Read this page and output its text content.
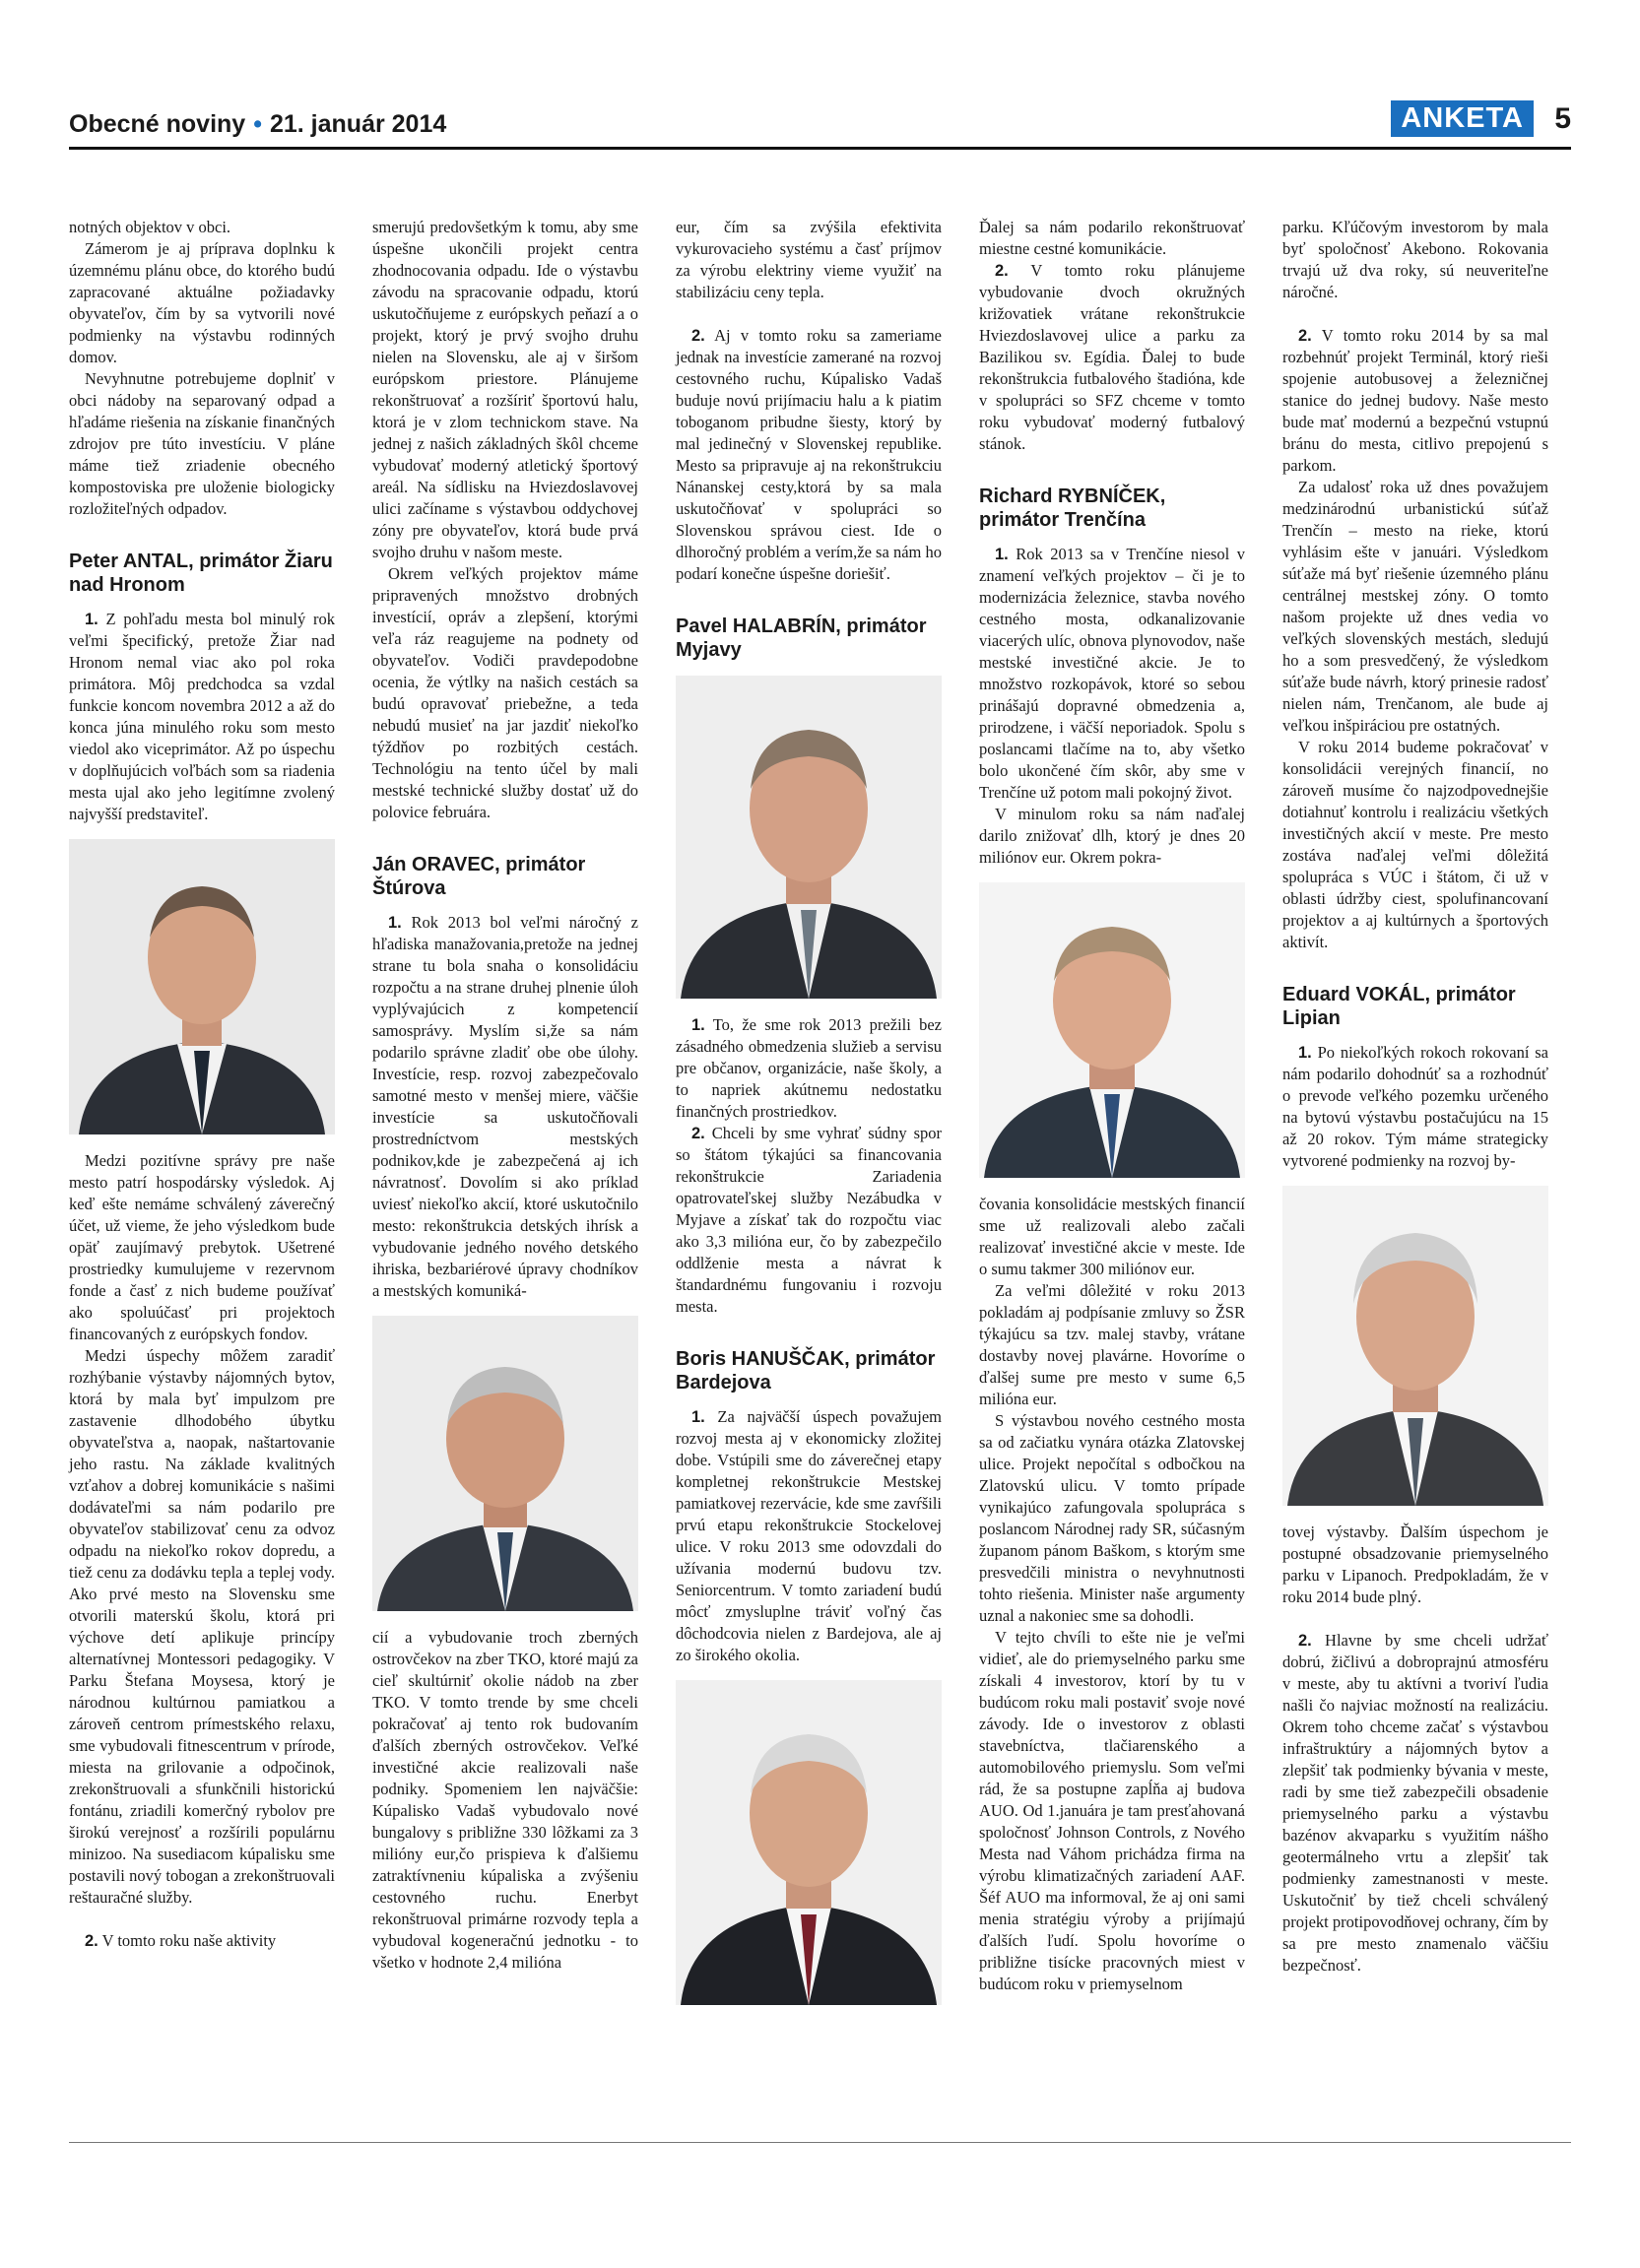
Obecné noviny • 21. január 2014	ANKETA	5

notných objektov v obci.

Zámerom je aj príprava doplnku k územnému plánu obce, do ktorého budú zapracované aktuálne požiadavky obyvateľov, čím by sa vytvorili nové podmienky na výstavbu rodinných domov.

Nevyhnutne potrebujeme doplniť v obci nádoby na separovaný odpad a hľadáme riešenia na získanie finančných zdrojov pre túto investíciu. V pláne máme tiež zriadenie obecného kompostoviska pre uloženie biologicky rozložiteľných odpadov.

Peter ANTAL, primátor Žiaru nad Hronom

1. Z pohľadu mesta bol minulý rok veľmi špecifický, pretože Žiar nad Hronom nemal viac ako pol roka primátora. Môj predchodca sa vzdal funkcie koncom novembra 2012 a až do konca júna minulého roku som mesto viedol ako viceprimátor. Až po úspechu v doplňujúcich voľbách som sa riadenia mesta ujal ako jeho legitímne zvolený najvyšší predstaviteľ.

Medzi pozitívne správy pre naše mesto patrí hospodársky výsledok. Aj keď ešte nemáme schválený záverečný účet, už vieme, že jeho výsledkom bude opäť zaujímavý prebytok. Ušetrené prostriedky kumulujeme v rezervnom fonde a časť z nich budeme používať ako spoluúčasť pri projektoch financovaných z európskych fondov.

Medzi úspechy môžem zaradiť rozhýbanie výstavby nájomných bytov, ktorá by mala byť impulzom pre zastavenie dlhodobého úbytku obyvateľstva a, naopak, naštartovanie jeho rastu. Na základe kvalitných vzťahov a dobrej komunikácie s našimi dodávateľmi sa nám podarilo pre obyvateľov stabilizovať cenu za odvoz odpadu na niekoľko rokov dopredu, a tiež cenu za dodávku tepla a teplej vody. Ako prvé mesto na Slovensku sme otvorili materskú školu, ktorá pri výchove detí aplikuje princípy alternatívnej Montessori pedagogiky. V Parku Štefana Moysesa, ktorý je národnou kultúrnou pamiatkou a zároveň centrom prímestského relaxu, sme vybudovali fitnescentrum v prírode, miesta na grilovanie a odpočinok, zrekonštruovali a sfunkčnili historickú fontánu, zriadili komerčný rybolov pre širokú verejnosť a rozšírili populárnu minizoo. Na susediacom kúpalisku sme postavili nový tobogan a zrekonštruovali reštauračné služby.

2. V tomto roku naše aktivity

smerujú predovšetkým k tomu, aby sme úspešne ukončili projekt centra zhodnocovania odpadu. Ide o výstavbu závodu na spracovanie odpadu, ktorú uskutočňujeme z európskych peňazí a o projekt, ktorý je prvý svojho druhu nielen na Slovensku, ale aj v širšom európskom priestore. Plánujeme rekonštruovať a rozšíriť športovú halu, ktorá je v zlom technickom stave. Na jednej z našich základných škôl chceme vybudovať moderný atletický športový areál. Na sídlisku na Hviezdoslavovej ulici začíname s výstavbou oddychovej zóny pre obyvateľov, ktorá bude prvá svojho druhu v našom meste.

Okrem veľkých projektov máme pripravených množstvo drobných investícií, opráv a zlepšení, ktorými veľa ráz reagujeme na podnety od obyvateľov. Vodiči pravdepodobne ocenia, že výtlky na našich cestách sa budú opravovať priebežne, a teda nebudú musieť na jar jazdiť niekoľko týždňov po rozbitých cestách. Technológiu na tento účel by mali mestské technické služby dostať už do polovice februára.

Ján ORAVEC, primátor Štúrova

1. Rok 2013 bol veľmi náročný z hľadiska manažovania,pretože na jednej strane tu bola snaha o konsolidáciu rozpočtu a na strane druhej plnenie úloh vyplývajúcich z kompetencií samosprávy. Myslím si,že sa nám podarilo správne zladiť obe obe úlohy. Investície, resp. rozvoj zabezpečovalo samotné mesto v menšej miere, väčšie investície sa uskutočňovali prostredníctvom mestských podnikov,kde je zabezpečená aj ich návratnosť. Dovolím si ako príklad uviesť niekoľko akcií, ktoré uskutočnilo mesto: rekonštrukcia detských ihrísk a vybudovanie jedného nového detského ihriska, bezbariérové úpravy chodníkov a mestských komuniká-

cií a vybudovanie troch zberných ostrovčekov na zber TKO, ktoré majú za cieľ skultúrniť okolie nádob na zber TKO. V tomto trende by sme chceli pokračovať aj tento rok budovaním ďalších zberných ostrovčekov. Veľké investičné akcie realizovali naše podniky. Spomeniem len najväčšie: Kúpalisko Vadaš vybudovalo nové bungalovy s približne 330 lôžkami za 3 milióny eur,čo prispieva k ďalšiemu zatraktívneniu kúpaliska a zvýšeniu cestovného ruchu. Enerbyt rekonštruoval primárne rozvody tepla a vybudoval kogeneračnú jednotku - to všetko v hodnote 2,4 milióna

eur, čím sa zvýšila efektivita vykurovacieho systému a časť príjmov za výrobu elektriny vieme využiť na stabilizáciu ceny tepla.

2. Aj v tomto roku sa zameriame jednak na investície zamerané na rozvoj cestovného ruchu, Kúpalisko Vadaš buduje novú prijímaciu halu a k piatim toboganom pribudne šiesty, ktorý by mal jedinečný v Slovenskej republike. Mesto sa pripravuje aj na rekonštrukciu Nánanskej cesty,ktorá by sa mala uskutočňovať v spolupráci so Slovenskou správou ciest. Ide o dlhoročný problém a verím,že sa nám ho podarí konečne úspešne doriešiť.

Pavel HALABRÍN, primátor Myjavy

1. To, že sme rok 2013 prežili bez zásadného obmedzenia služieb a servisu pre občanov, organizácie, naše školy, a to napriek akútnemu nedostatku finančných prostriedkov.

2. Chceli by sme vyhrať súdny spor so štátom týkajúci sa financovania rekonštrukcie Zariadenia opatrovateľskej služby Nezábudka v Myjave a získať tak do rozpočtu viac ako 3,3 milióna eur, čo by zabezpečilo oddlženie mesta a návrat k štandardnému fungovaniu i rozvoju mesta.

Boris HANUŠČAK, primátor Bardejova

1. Za najväčší úspech považujem rozvoj mesta aj v ekonomicky zložitej dobe. Vstúpili sme do záverečnej etapy kompletnej rekonštrukcie Mestskej pamiatkovej rezervácie, kde sme zavŕšili prvú etapu rekonštrukcie Stockelovej ulice. V roku 2013 sme odovzdali do užívania modernú budovu tzv. Seniorcentrum. V tomto zariadení budú môcť zmysluplne tráviť voľný čas dôchodcovia nielen z Bardejova, ale aj zo širokého okolia.

Ďalej sa nám podarilo rekonštruovať miestne cestné komunikácie.

2. V tomto roku plánujeme vybudovanie dvoch okružných križovatiek vrátane rekonštrukcie Hviezdoslavovej ulice a parku za Bazilikou sv. Egídia. Ďalej to bude rekonštrukcia futbalového štadióna, kde v spolupráci so SFZ chceme v tomto roku vybudovať moderný futbalový stánok.

Richard RYBNÍČEK, primátor Trenčína

1. Rok 2013 sa v Trenčíne niesol v znamení veľkých projektov – či je to modernizácia železnice, stavba nového cestného mosta, odkanalizovanie viacerých ulíc, obnova plynovodov, naše mestské investičné akcie. Je to množstvo rozkopávok, ktoré so sebou prinášajú dopravné obmedzenia a, prirodzene, i väčší neporiadok. Spolu s poslancami tlačíme na to, aby všetko bolo ukončené čím skôr, aby sme v Trenčíne už potom mali pokojný život.

V minulom roku sa nám naďalej darilo znižovať dlh, ktorý je dnes 20 miliónov eur. Okrem pokra-

čovania konsolidácie mestských financií sme už realizovali alebo začali realizovať investičné akcie v meste. Ide o sumu takmer 300 miliónov eur.

Za veľmi dôležité v roku 2013 pokladám aj podpísanie zmluvy so ŽSR týkajúcu sa tzv. malej stavby, vrátane dostavby novej plavárne. Hovoríme o ďalšej sume pre mesto v sume 6,5 milióna eur.

S výstavbou nového cestného mosta sa od začiatku vynára otázka Zlatovskej ulice. Projekt nepočítal s odbočkou na Zlatovskú ulicu. V tomto prípade vynikajúco zafungovala spolupráca s poslancom Národnej rady SR, súčasným županom pánom Baškom, s ktorým sme presvedčili ministra o nevyhnutnosti tohto riešenia. Minister naše argumenty uznal a nakoniec sme sa dohodli.

V tejto chvíli to ešte nie je veľmi vidieť, ale do priemyselného parku sme získali 4 investorov, ktorí by tu v budúcom roku mali postaviť svoje nové závody. Ide o investorov z oblasti stavebníctva, tlačiarenského a automobilového priemyslu. Som veľmi rád, že sa postupne zapĺňa aj budova AUO. Od 1.januára je tam presťahovaná spoločnosť Johnson Controls, z Nového Mesta nad Váhom prichádza firma na výrobu klimatizačných zariadení AAF. Šéf AUO ma informoval, že aj oni sami menia stratégiu výroby a prijímajú ďalších ľudí. Spolu hovoríme o približne tisícke pracovných miest v budúcom roku v priemyselnom

parku. Kľúčovým investorom by mala byť spoločnosť Akebono. Rokovania trvajú už dva roky, sú neuveriteľne náročné.

2. V tomto roku 2014 by sa mal rozbehnúť projekt Terminál, ktorý rieši spojenie autobusovej a železničnej stanice do jednej budovy. Naše mesto bude mať modernú a bezpečnú vstupnú bránu do mesta, citlivo prepojenú s parkom.

Za udalosť roka už dnes považujem medzinárodnú urbanistickú súťaž Trenčín – mesto na rieke, ktorú vyhlásim ešte v januári. Výsledkom súťaže má byť riešenie územného plánu centrálnej mestskej zóny. O tomto našom projekte už dnes vedia vo veľkých slovenských mestách, sledujú ho a som presvedčený, že výsledkom súťaže bude návrh, ktorý prinesie radosť nielen nám, Trenčanom, ale bude aj veľkou inšpiráciou pre ostatných.

V roku 2014 budeme pokračovať v konsolidácii verejných financií, no zároveň musíme čo najzodpovednejšie dotiahnuť kontrolu i realizáciu všetkých investičných akcií v meste. Pre mesto zostáva naďalej veľmi dôležitá spolupráca s VÚC i štátom, či už v oblasti údržby ciest, spolufinancovaní projektov a aj kultúrnych a športových aktivít.

Eduard VOKÁL, primátor Lipian

1. Po niekoľkých rokoch rokovaní sa nám podarilo dohodnúť sa a rozhodnúť o prevode veľkého pozemku určeného na bytovú výstavbu postačujúcu na 15 až 20 rokov. Tým máme strategicky vytvorené podmienky na rozvoj by-

tovej výstavby. Ďalším úspechom je postupné obsadzovanie priemyselného parku v Lipanoch. Predpokladám, že v roku 2014 bude plný.

2. Hlavne by sme chceli udržať dobrú, žičlivú a dobroprajnú atmosféru v meste, aby tu aktívni a tvoriví ľudia našli čo najviac možností na realizáciu. Okrem toho chceme začať s výstavbou infraštruktúry a nájomných bytov a zlepšiť tak podmienky bývania v meste, radi by sme tiež zabezpečili obsadenie priemyselného parku a výstavbu bazénov akvaparku s využitím nášho geotermálneho vrtu a zlepšiť tak podmienky zamestnanosti v meste. Uskutočniť by tiež chceli schválený projekt protipovodňovej ochrany, čím by sa pre mesto znamenalo väčšiu bezpečnosť.
